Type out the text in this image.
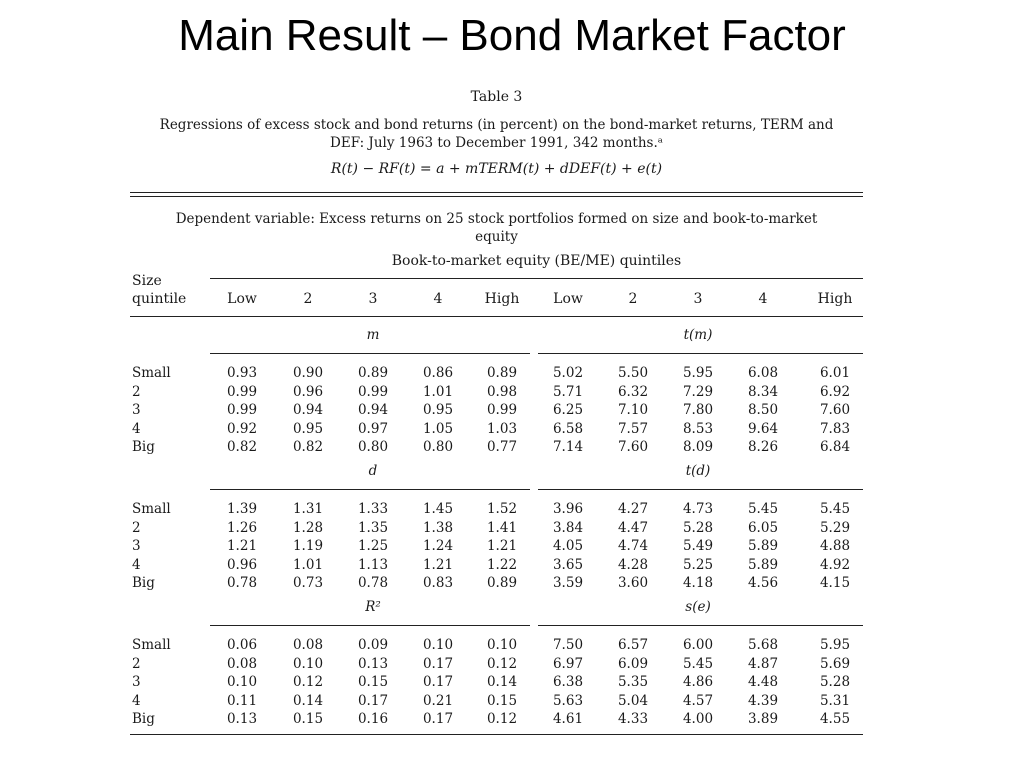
Main Result – Bond Market Factor
Table 3
Regressions of excess stock and bond returns (in percent) on the bond-market returns, TERM and
DEF: July 1963 to December 1991, 342 months.ᵃ
R(t) − RF(t) = a + mTERM(t) + dDEF(t) + e(t)
Dependent variable: Excess returns on 25 stock portfolios formed on size and book-to-market
equity
Book-to-market equity (BE/ME) quintiles
Size
quintile	Low	2	3	4	High Low	2	3	4	High
m	t(m)
Small	0.93	0.90	0.89	0.86	0.89	5.02	5.50	5.95	6.08	6.01
2	0.99	0.96	0.99	1.01	0.98	5.71	6.32	7.29	8.34	6.92
3	0.99	0.94	0.94	0.95	0.99	6.25	7.10	7.80	8.50	7.60
4	0.92	0.95	0.97	1.05	1.03	6.58	7.57	8.53	9.64	7.83
Big	0.82	0.82	0.80	0.80	0.77	7.14	7.60	8.09	8.26	6.84
d	t(d)
Small	1.39	1.31	1.33	1.45	1.52	3.96	4.27	4.73	5.45	5.45
2	1.26	1.28	1.35	1.38	1.41	3.84	4.47	5.28	6.05	5.29
3	1.21	1.19	1.25	1.24	1.21	4.05	4.74	5.49	5.89	4.88
4	0.96	1.01	1.13	1.21	1.22	3.65	4.28	5.25	5.89	4.92
Big	0.78	0.73	0.78	0.83	0.89	3.59	3.60	4.18	4.56	4.15
R²	s(e)
Small	0.06	0.08	0.09	0.10	0.10	7.50	6.57	6.00	5.68	5.95
2	0.08	0.10	0.13	0.17	0.12	6.97	6.09	5.45	4.87	5.69
3	0.10	0.12	0.15	0.17	0.14	6.38	5.35	4.86	4.48	5.28
4	0.11	0.14	0.17	0.21	0.15	5.63	5.04	4.57	4.39	5.31
Big	0.13	0.15	0.16	0.17	0.12	4.61	4.33	4.00	3.89	4.55
